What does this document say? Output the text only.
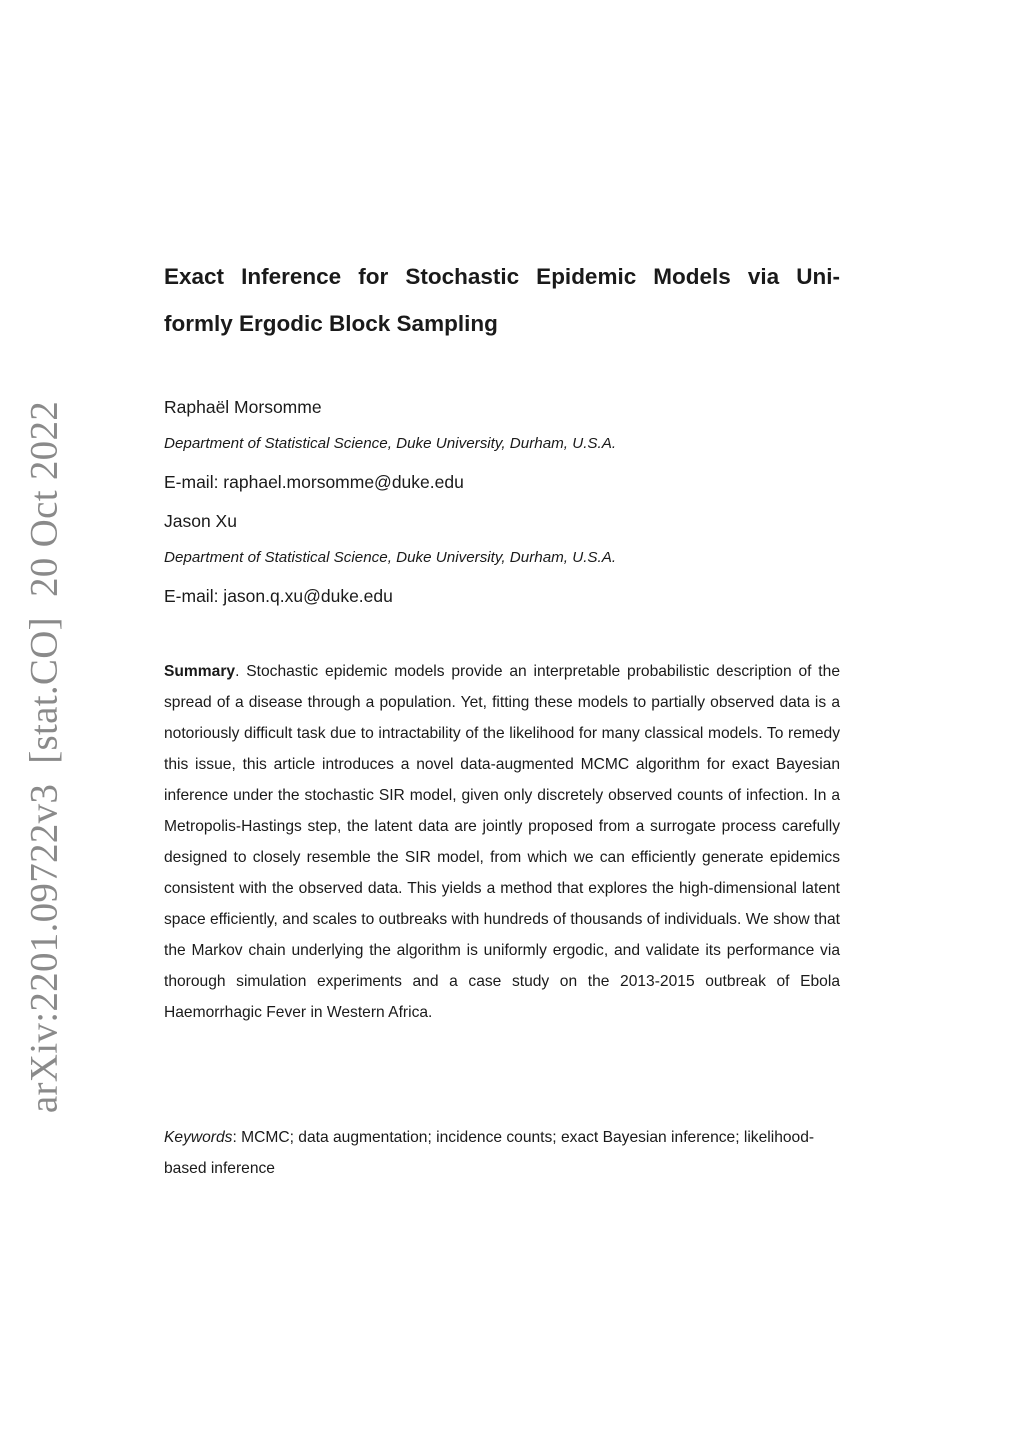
arXiv:2201.09722v3[stat.CO]20 Oct 2022
Exact Inference for Stochastic Epidemic Models via Uni-
formly Ergodic Block Sampling

Raphaël Morsomme

Department of Statistical Science, Duke University, Durham, U.S.A.

E-mail: raphael.morsomme@duke.edu

Jason Xu

Department of Statistical Science, Duke University, Durham, U.S.A.

E-mail: jason.q.xu@duke.edu

Summary. Stochastic epidemic models provide an interpretable probabilistic description of the spread of a disease through a population. Yet, fitting these models to partially observed data is a notoriously difficult task due to intractability of the likelihood for many classical models. To remedy this issue, this article introduces a novel data-augmented MCMC algorithm for exact Bayesian inference under the stochastic SIR model, given only discretely observed counts of infection. In a Metropolis-Hastings step, the latent data are jointly proposed from a surrogate process carefully designed to closely resemble the SIR model, from which we can efficiently generate epidemics consistent with the observed data. This yields a method that explores the high-dimensional latent space efficiently, and scales to outbreaks with hundreds of thousands of individuals. We show that the Markov chain underlying the algorithm is uniformly ergodic, and validate its performance via thorough simulation experiments and a case study on the 2013-2015 outbreak of Ebola Haemorrhagic Fever in Western Africa.

Keywords: MCMC; data augmentation; incidence counts; exact Bayesian inference; likelihood-based inference
